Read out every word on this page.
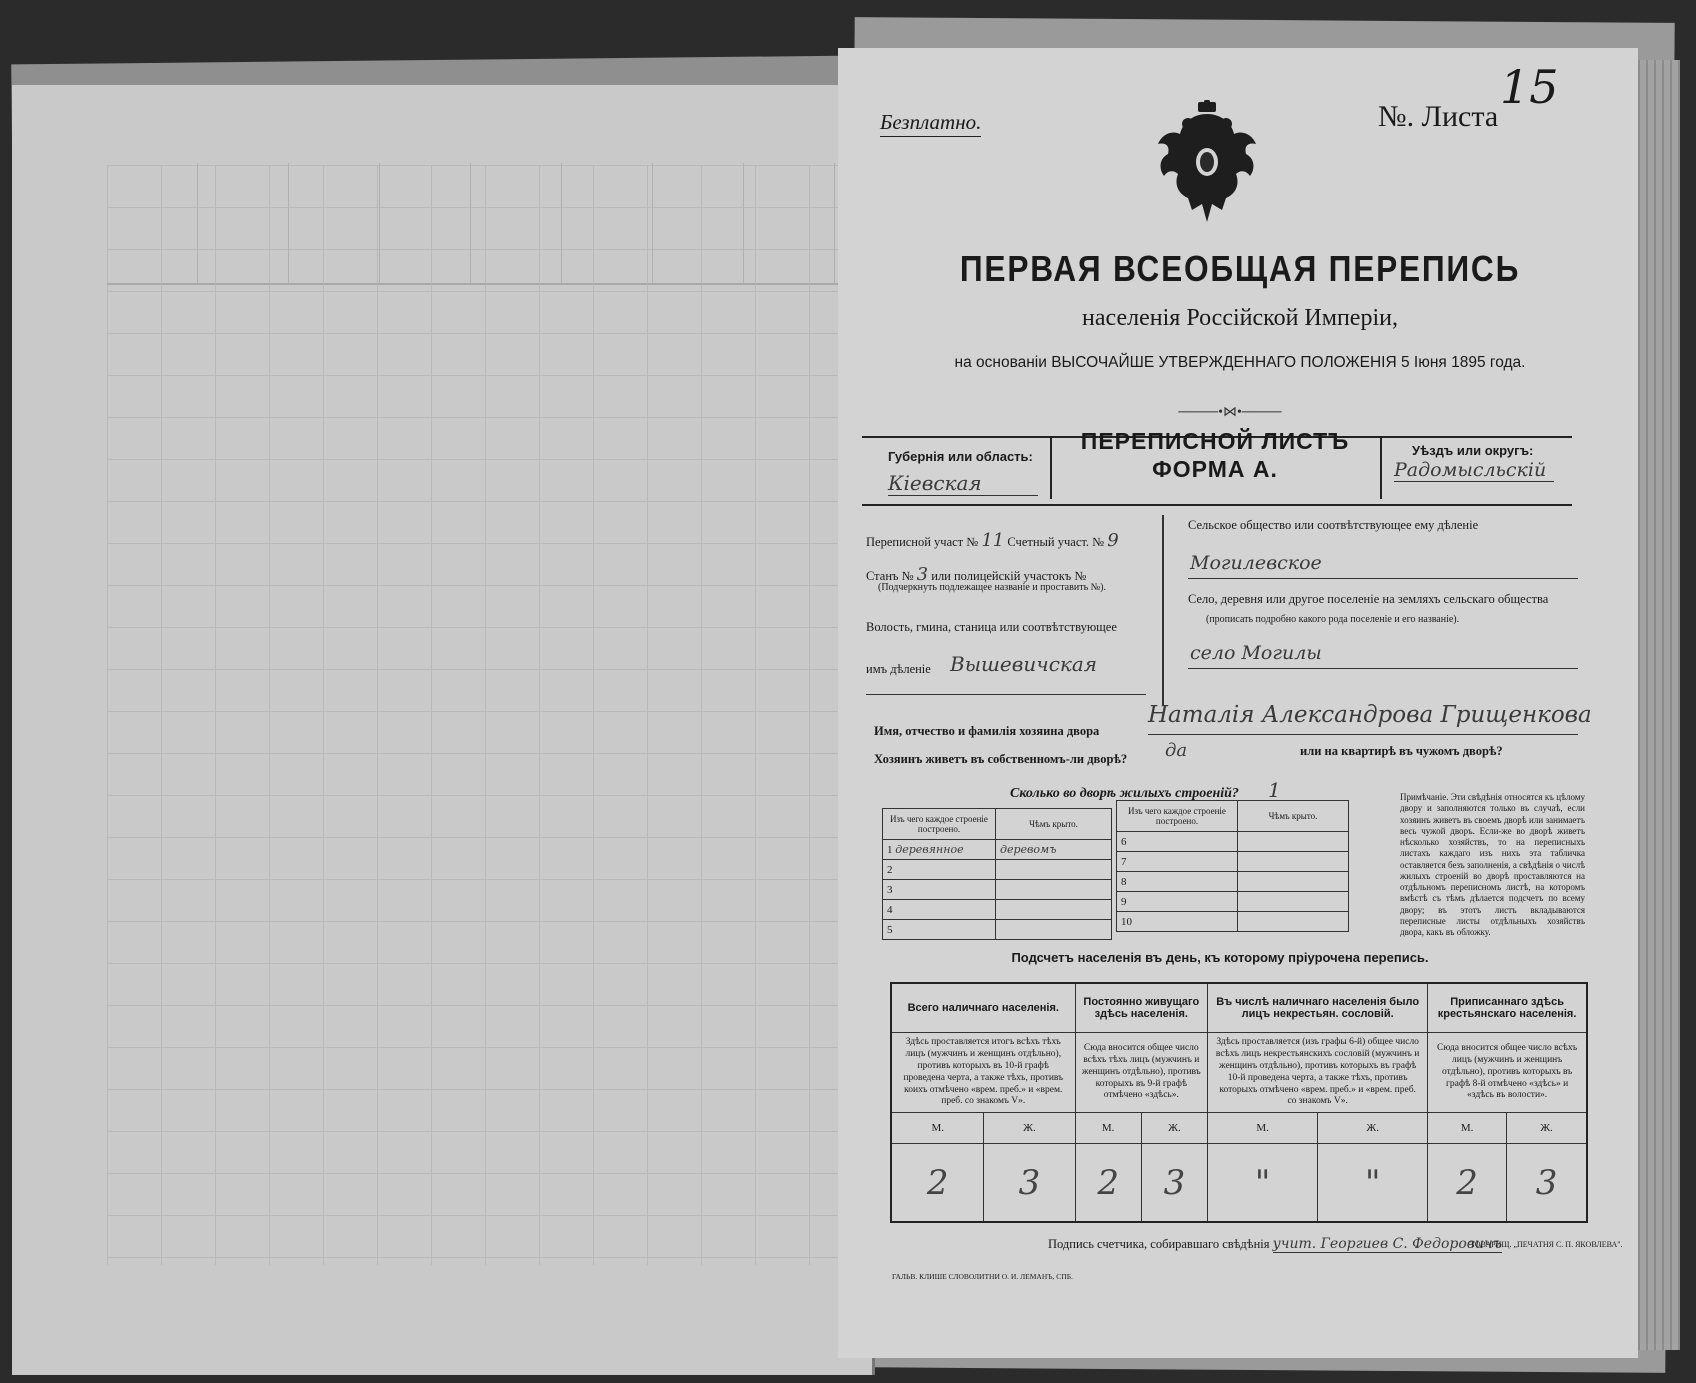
Безплатно.	№. Листа
15
ПЕРВАЯ ВСЕОБЩАЯ ПЕРЕПИСЬ
населенія Россійской Имперіи,
на основаніи ВЫСОЧАЙШЕ УТВЕРЖДЕННАГО ПОЛОЖЕНІЯ 5 Іюня 1895 года.
────•⋈•────
Губернія или область:
Кіевская
ПЕРЕПИСНОЙ ЛИСТЪ
ФОРМА А.
Уѣздъ или округъ:
Радомысльскій
Переписной участ № 11 Счетный участ. № 9
Станъ № 3 или полицейскій участокъ №
(Подчеркнуть подлежащее названіе и проставить №).
Волость, гмина, станица или соотвѣтствующее
имъ дѣленіе Вышевичская
Сельское общество или соотвѣтствующее ему дѣленіе
Могилевское
Село, деревня или другое поселеніе на земляхъ сельскаго общества
(прописать подробно какого рода поселеніе и его названіе).
село Могилы
Имя, отчество и фамилія хозяина двора
Наталія Александрова Грищенкова
Хозяинъ живетъ въ собственномъ-ли дворѣ? да	или на квартирѣ въ чужомъ дворѣ?
Сколько во дворѣ жилыхъ строеній? 1
Изъ чего каждое строеніе построено.	Чѣмъ крыто.
1 деревянное	деревомъ
2	
3	
4	
5	
Изъ чего каждое строеніе построено.	Чѣмъ крыто.
6	
7	
8	
9	
10	
Примѣчаніе. Эти свѣдѣнія относятся къ цѣлому двору и заполняются только въ случаѣ, если хозяинъ живетъ въ своемъ дворѣ или занимаетъ весь чужой дворъ. Если-же во дворѣ живетъ нѣсколько хозяйствъ, то на переписныхъ листахъ каждаго изъ нихъ эта табличка оставляется безъ заполненія, а свѣдѣнія о числѣ жилыхъ строеній во дворѣ проставляются на отдѣльномъ переписномъ листѣ, на которомъ вмѣстѣ съ тѣмъ дѣлается подсчетъ по всему двору; въ этотъ листъ вкладываются переписные листы отдѣльныхъ хозяйствъ двора, какъ въ обложку.
Подсчетъ населенія въ день, къ которому пріурочена перепись.
Всего наличнаго населенія.		Постоянно живущаго здѣсь населенія.		Въ числѣ наличнаго населенія было лицъ некрестьян. сословій.		Приписаннаго здѣсь крестьянскаго населенія.	
Здѣсь проставляется итогъ всѣхъ тѣхъ лицъ (мужчинъ и женщинъ отдѣльно), противъ которыхъ въ 10-й графѣ проведена черта, а также тѣхъ, противъ коихъ отмѣчено «врем. преб.» и «врем. преб. со знакомъ V».		Сюда вносится общее число всѣхъ тѣхъ лицъ (мужчинъ и женщинъ отдѣльно), противъ которыхъ въ 9-й графѣ отмѣчено «здѣсь».		Здѣсь проставляется (изъ графы 6-й) общее число всѣхъ лицъ некрестьянскихъ сословій (мужчинъ и женщинъ отдѣльно), противъ которыхъ въ графѣ 10-й проведена черта, а также тѣхъ, противъ которыхъ отмѣчено «врем. преб.» и «врем. преб. со знакомъ V».		Сюда вносится общее число всѣхъ лицъ (мужчинъ и женщинъ отдѣльно), противъ которыхъ въ графѣ 8-й отмѣчено «здѣсь» и «здѣсь въ волости».	
М.	Ж.	М.	Ж.	М.	Ж.	М.	Ж.
2	3	2	3	"	"	2	3
Подпись счетчика, собиравшаго свѣдѣнія учит. Георгиев С. Федоровичъ
ТОВАРИЩ. „ПЕЧАТНЯ С. П. ЯКОВЛЕВА".
ГАЛЬВ. КЛИШЕ СЛОВОЛИТНИ О. И. ЛЕМАНЪ, СПБ.
